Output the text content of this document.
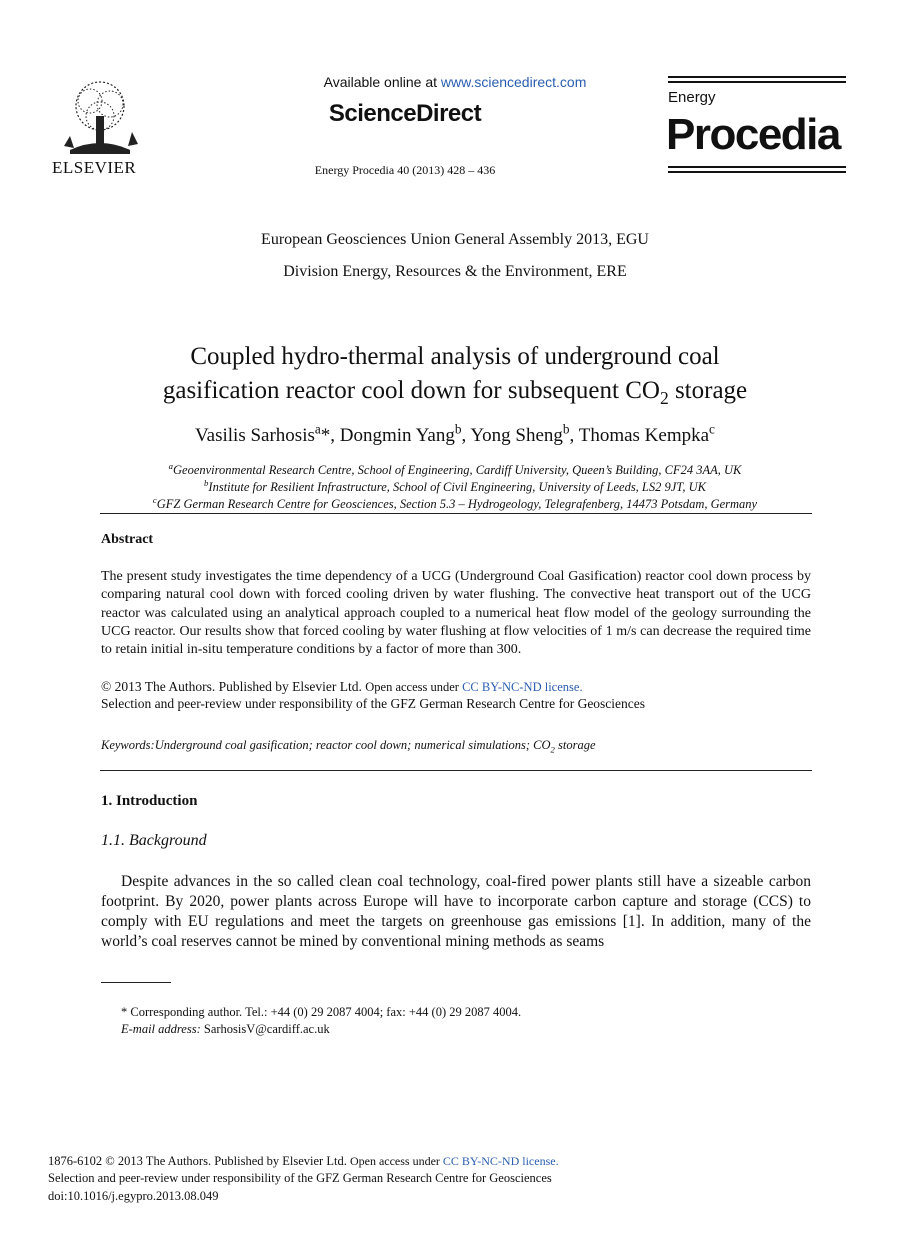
ELSEVIER
Available online at www.sciencedirect.com
ScienceDirect
Energy Procedia 40 (2013) 428 – 436
Energy
Procedia
European Geosciences Union General Assembly 2013, EGU
Division Energy, Resources & the Environment, ERE
Coupled hydro-thermal analysis of underground coal
gasification reactor cool down for subsequent $CO_2$ storage
Vasilis Sarhosis$^a$*, Dongmin Yang$^b$, Yong Sheng$^b$, Thomas Kempka$^c$
$^a$Geoenvironmental Research Centre, School of Engineering, Cardiff University, Queen’s Building, CF24 3AA, UK
$^b$Institute for Resilient Infrastructure, School of Civil Engineering, University of Leeds, LS2 9JT, UK
$^c$GFZ German Research Centre for Geosciences, Section 5.3 – Hydrogeology, Telegrafenberg, 14473 Potsdam, Germany
Abstract
The present study investigates the time dependency of a UCG (Underground Coal Gasification) reactor cool down process by comparing natural cool down with forced cooling driven by water flushing. The convective heat transport out of the UCG reactor was calculated using an analytical approach coupled to a numerical heat flow model of the geology surrounding the UCG reactor. Our results show that forced cooling by water flushing at flow velocities of 1 m/s can decrease the required time to retain initial in-situ temperature conditions by a factor of more than 300.
© 2013 The Authors. Published by Elsevier Ltd. Open access under CC BY-NC-ND license.
Selection and peer-review under responsibility of the GFZ German Research Centre for Geosciences
Keywords:Underground coal gasification; reactor cool down; numerical simulations; $CO_2$ storage
1. Introduction
1.1. Background
Despite advances in the so called clean coal technology, coal-fired power plants still have a sizeable carbon footprint. By 2020, power plants across Europe will have to incorporate carbon capture and storage (CCS) to comply with EU regulations and meet the targets on greenhouse gas emissions [1]. In addition, many of the world’s coal reserves cannot be mined by conventional mining methods as seams
* Corresponding author. Tel.: +44 (0) 29 2087 4004; fax: +44 (0) 29 2087 4004.
E-mail address: SarhosisV@cardiff.ac.uk
1876-6102 © 2013 The Authors. Published by Elsevier Ltd. Open access under CC BY-NC-ND license.
Selection and peer-review under responsibility of the GFZ German Research Centre for Geosciences
doi:10.1016/j.egypro.2013.08.049
